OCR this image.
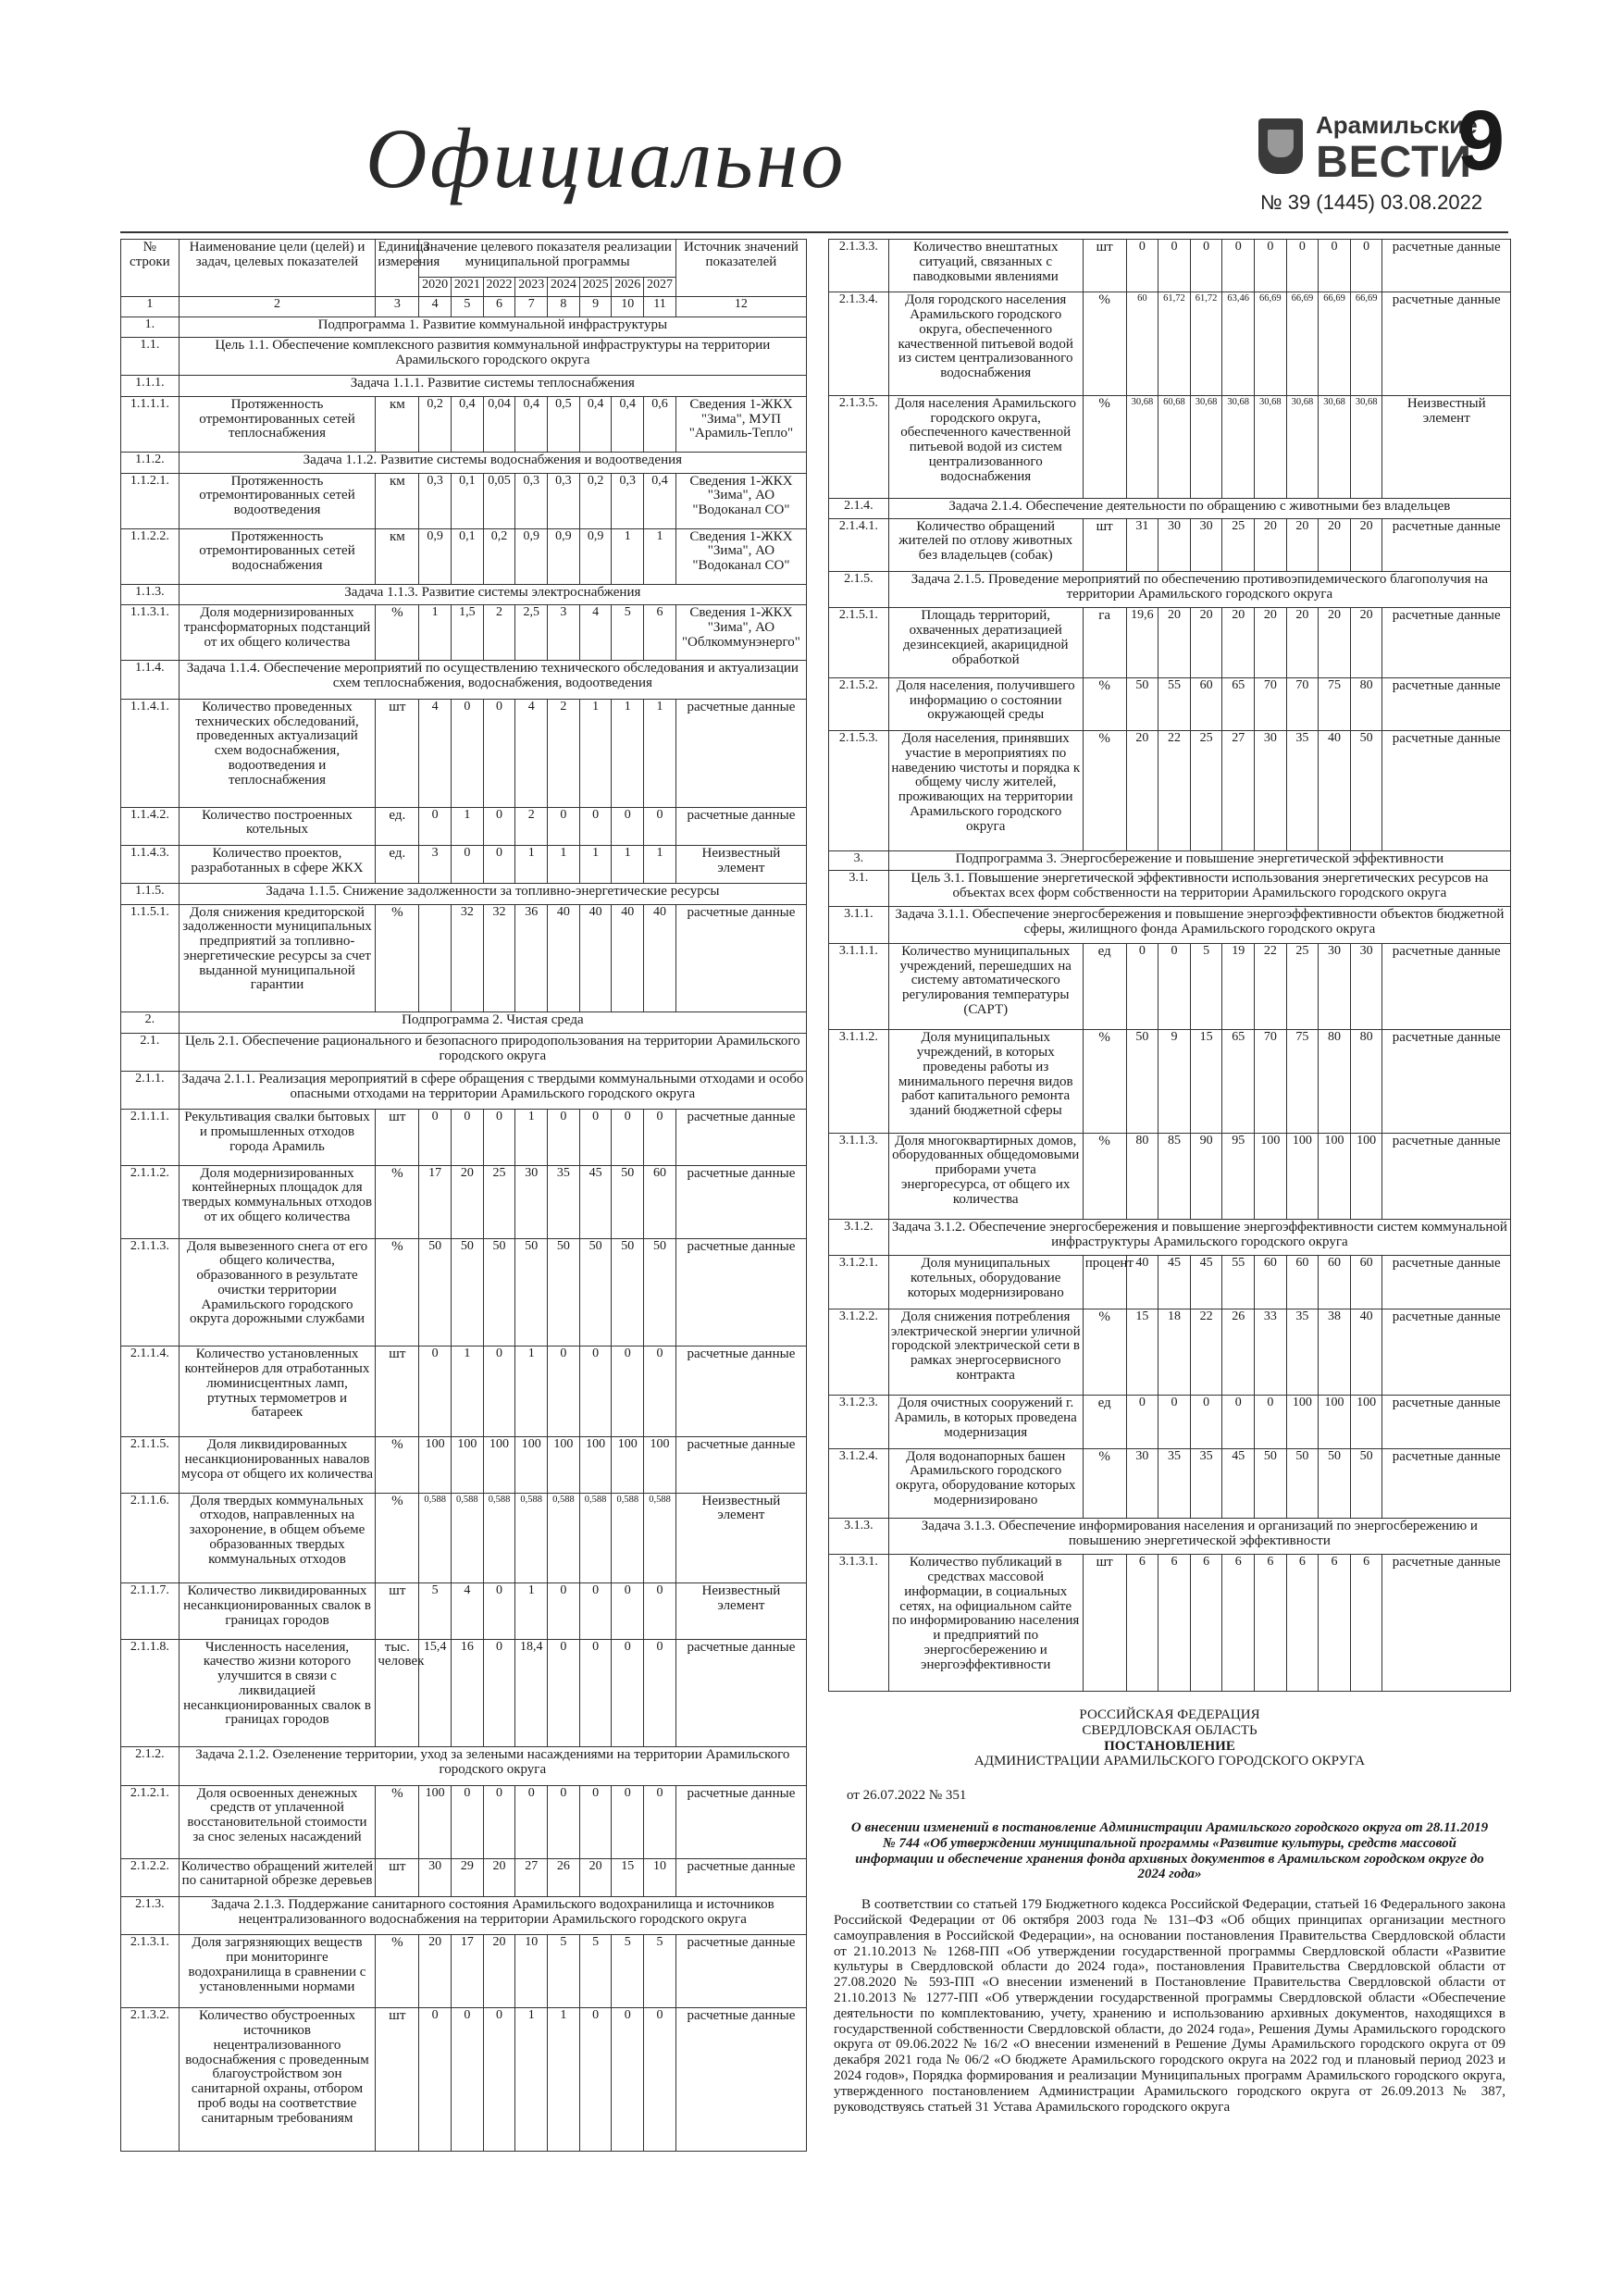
Официально	Арамильские
ВЕСТИ
№ 39 (1445) 03.08.2022
9
№ строки	Наименование цели (целей) и задач, целевых показателей	Единица измерения	Значение целевого показателя реализации муниципальной программы								Источник значений показателей
			2020	2021	2022	2023	2024	2025	2026	2027	
1	2	3	4	5	6	7	8	9	10	11	12
1.	Подпрограмма 1. Развитие коммунальной инфраструктуры										
1.1.	Цель 1.1. Обеспечение комплексного развития коммунальной инфраструктуры на территории Арамильского городского округа										
1.1.1.	Задача 1.1.1. Развитие системы теплоснабжения										
1.1.1.1.	Протяженность отремонтированных сетей теплоснабжения	км	0,2	0,4	0,04	0,4	0,5	0,4	0,4	0,6	Сведения 1-ЖКХ "Зима", МУП "Арамиль-Тепло"
1.1.2.	Задача 1.1.2. Развитие системы водоснабжения и водоотведения										
1.1.2.1.	Протяженность отремонтированных сетей водоотведения	км	0,3	0,1	0,05	0,3	0,3	0,2	0,3	0,4	Сведения 1-ЖКХ "Зима", АО "Водоканал СО"
1.1.2.2.	Протяженность отремонтированных сетей водоснабжения	км	0,9	0,1	0,2	0,9	0,9	0,9	1	1	Сведения 1-ЖКХ "Зима", АО "Водоканал СО"
1.1.3.	Задача 1.1.3. Развитие системы электроснабжения										
1.1.3.1.	Доля модернизированных трансформаторных подстанций от их общего количества	%	1	1,5	2	2,5	3	4	5	6	Сведения 1-ЖКХ "Зима", АО "Облкоммунэнерго"
1.1.4.	Задача 1.1.4. Обеспечение мероприятий по осуществлению технического обследования и актуализации схем теплоснабжения, водоснабжения, водоотведения										
1.1.4.1.	Количество проведенных технических обследований, проведенных актуализаций схем водоснабжения, водоотведения и теплоснабжения	шт	4	0	0	4	2	1	1	1	расчетные данные
1.1.4.2.	Количество построенных котельных	ед.	0	1	0	2	0	0	0	0	расчетные данные
1.1.4.3.	Количество проектов, разработанных в сфере ЖКХ	ед.	3	0	0	1	1	1	1	1	Неизвестный элемент
1.1.5.	Задача 1.1.5. Снижение задолженности за топливно-энергетические ресурсы										
1.1.5.1.	Доля снижения кредиторской задолженности муниципальных предприятий за топливно-энергетические ресурсы за счет выданной муниципальной гарантии	%		32	32	36	40	40	40	40	расчетные данные
2.	Подпрограмма 2. Чистая среда										
2.1.	Цель 2.1. Обеспечение рационального и безопасного природопользования на территории Арамильского городского округа										
2.1.1.	Задача 2.1.1. Реализация мероприятий в сфере обращения с твердыми коммунальными отходами и особо опасными отходами на территории Арамильского городского округа										
2.1.1.1.	Рекультивация свалки бытовых и промышленных отходов города Арамиль	шт	0	0	0	1	0	0	0	0	расчетные данные
2.1.1.2.	Доля модернизированных контейнерных площадок для твердых коммунальных отходов от их общего количества	%	17	20	25	30	35	45	50	60	расчетные данные
2.1.1.3.	Доля вывезенного снега от его общего количества, образованного в результате очистки территории Арамильского городского округа дорожными службами	%	50	50	50	50	50	50	50	50	расчетные данные
2.1.1.4.	Количество установленных контейнеров для отработанных люминисцентных ламп, ртутных термометров и батареек	шт	0	1	0	1	0	0	0	0	расчетные данные
2.1.1.5.	Доля ликвидированных несанкционированных навалов мусора от общего их количества	%	100	100	100	100	100	100	100	100	расчетные данные
2.1.1.6.	Доля твердых коммунальных отходов, направленных на захоронение, в общем объеме образованных твердых коммунальных отходов	%	0,588	0,588	0,588	0,588	0,588	0,588	0,588	0,588	Неизвестный элемент
2.1.1.7.	Количество ликвидированных несанкционированных свалок в границах городов	шт	5	4	0	1	0	0	0	0	Неизвестный элемент
2.1.1.8.	Численность населения, качество жизни которого улучшится в связи с ликвидацией несанкционированных свалок в границах городов	тыс. человек	15,4	16	0	18,4	0	0	0	0	расчетные данные
2.1.2.	Задача 2.1.2. Озеленение территории, уход за зелеными насаждениями на территории Арамильского городского округа										
2.1.2.1.	Доля освоенных денежных средств от уплаченной восстановительной стоимости за снос зеленых насаждений	%	100	0	0	0	0	0	0	0	расчетные данные
2.1.2.2.	Количество обращений жителей по санитарной обрезке деревьев	шт	30	29	20	27	26	20	15	10	расчетные данные
2.1.3.	Задача 2.1.3. Поддержание санитарного состояния Арамильского водохранилища и источников нецентрализованного водоснабжения на территории Арамильского городского округа										
2.1.3.1.	Доля загрязняющих веществ при мониторинге водохранилища в сравнении с установленными нормами	%	20	17	20	10	5	5	5	5	расчетные данные
2.1.3.2.	Количество обустроенных источников нецентрализованного водоснабжения с проведенным благоустройством зон санитарной охраны, отбором проб воды на соответствие санитарным требованиям	шт	0	0	0	1	1	0	0	0	расчетные данные
2.1.3.3.	Количество внештатных ситуаций, связанных с паводковыми явлениями	шт	0	0	0	0	0	0	0	0	расчетные данные
2.1.3.4.	Доля городского населения Арамильского городского округа, обеспеченного качественной питьевой водой из систем централизованного водоснабжения	%	60	61,72	61,72	63,46	66,69	66,69	66,69	66,69	расчетные данные
2.1.3.5.	Доля населения Арамильского городского округа, обеспеченного качественной питьевой водой из систем централизованного водоснабжения	%	30,68	60,68	30,68	30,68	30,68	30,68	30,68	30,68	Неизвестный элемент
2.1.4.	Задача 2.1.4. Обеспечение деятельности по обращению с животными без владельцев										
2.1.4.1.	Количество обращений жителей по отлову животных без владельцев (собак)	шт	31	30	30	25	20	20	20	20	расчетные данные
2.1.5.	Задача 2.1.5. Проведение мероприятий по обеспечению противоэпидемического благополучия на территории Арамильского городского округа										
2.1.5.1.	Площадь территорий, охваченных дератизацией дезинсекцией, акарицидной обработкой	га	19,6	20	20	20	20	20	20	20	расчетные данные
2.1.5.2.	Доля населения, получившего информацию о состоянии окружающей среды	%	50	55	60	65	70	70	75	80	расчетные данные
2.1.5.3.	Доля населения, принявших участие в мероприятиях по наведению чистоты и порядка к общему числу жителей, проживающих на территории Арамильского городского округа	%	20	22	25	27	30	35	40	50	расчетные данные
3.	Подпрограмма 3. Энергосбережение и повышение энергетической эффективности										
3.1.	Цель 3.1. Повышение энергетической эффективности использования энергетических ресурсов на объектах всех форм собственности на территории Арамильского городского округа										
3.1.1.	Задача 3.1.1. Обеспечение энергосбережения и повышение энергоэффективности объектов бюджетной сферы, жилищного фонда Арамильского городского округа										
3.1.1.1.	Количество муниципальных учреждений, перешедших на систему автоматического регулирования температуры (САРТ)	ед	0	0	5	19	22	25	30	30	расчетные данные
3.1.1.2.	Доля муниципальных учреждений, в которых проведены работы из минимального перечня видов работ капитального ремонта зданий бюджетной сферы	%	50	9	15	65	70	75	80	80	расчетные данные
3.1.1.3.	Доля многоквартирных домов, оборудованных общедомовыми приборами учета энергоресурса, от общего их количества	%	80	85	90	95	100	100	100	100	расчетные данные
3.1.2.	Задача 3.1.2. Обеспечение энергосбережения и повышение энергоэффективности систем коммунальной инфраструктуры Арамильского городского округа										
3.1.2.1.	Доля муниципальных котельных, оборудование которых модернизировано	процент	40	45	45	55	60	60	60	60	расчетные данные
3.1.2.2.	Доля снижения потребления электрической энергии уличной городской электрической сети в рамках энергосервисного контракта	%	15	18	22	26	33	35	38	40	расчетные данные
3.1.2.3.	Доля очистных сооружений г. Арамиль, в которых проведена модернизация	ед	0	0	0	0	0	100	100	100	расчетные данные
3.1.2.4.	Доля водонапорных башен Арамильского городского округа, оборудование которых модернизировано	%	30	35	35	45	50	50	50	50	расчетные данные
3.1.3.	Задача 3.1.3. Обеспечение информирования населения и организаций по энергосбережению и повышению энергетической эффективности										
3.1.3.1.	Количество публикаций в средствах массовой информации, в социальных сетях, на официальном сайте по информированию населения и предприятий по энергосбережению и энергоэффективности	шт	6	6	6	6	6	6	6	6	расчетные данные
РОССИЙСКАЯ ФЕДЕРАЦИЯ
СВЕРДЛОВСКАЯ ОБЛАСТЬ
ПОСТАНОВЛЕНИЕ
АДМИНИСТРАЦИИ АРАМИЛЬСКОГО ГОРОДСКОГО ОКРУГА
от 26.07.2022 № 351
О внесении изменений в постановление Администрации Арамильского городского округа от 28.11.2019 № 744 «Об утверждении муниципальной программы «Развитие культуры, средств массовой информации и обеспечение хранения фонда архивных документов в Арамильском городском округе до 2024 года»
В соответствии со статьей 179 Бюджетного кодекса Российской Федерации, статьей 16 Федерального закона Российской Федерации от 06 октября 2003 года № 131–ФЗ «Об общих принципах организации местного самоуправления в Российской Федерации», на основании постановления Правительства Свердловской области от 21.10.2013 № 1268-ПП «Об утверждении государственной программы Свердловской области «Развитие культуры в Свердловской области до 2024 года», постановления Правительства Свердловской области от 27.08.2020 № 593-ПП «О внесении изменений в Постановление Правительства Свердловской области от 21.10.2013 № 1277-ПП «Об утверждении государственной программы Свердловской области «Обеспечение деятельности по комплектованию, учету, хранению и использованию архивных документов, находящихся в государственной собственности Свердловской области, до 2024 года», Решения Думы Арамильского городского округа от 09.06.2022 № 16/2 «О внесении изменений в Решение Думы Арамильского городского округа от 09 декабря 2021 года № 06/2 «О бюджете Арамильского городского округа на 2022 год и плановый период 2023 и 2024 годов», Порядка формирования и реализации Муниципальных программ Арамильского городского округа, утвержденного постановлением Администрации Арамильского городского округа от 26.09.2013 № 387, руководствуясь статьей 31 Устава Арамильского городского округа
